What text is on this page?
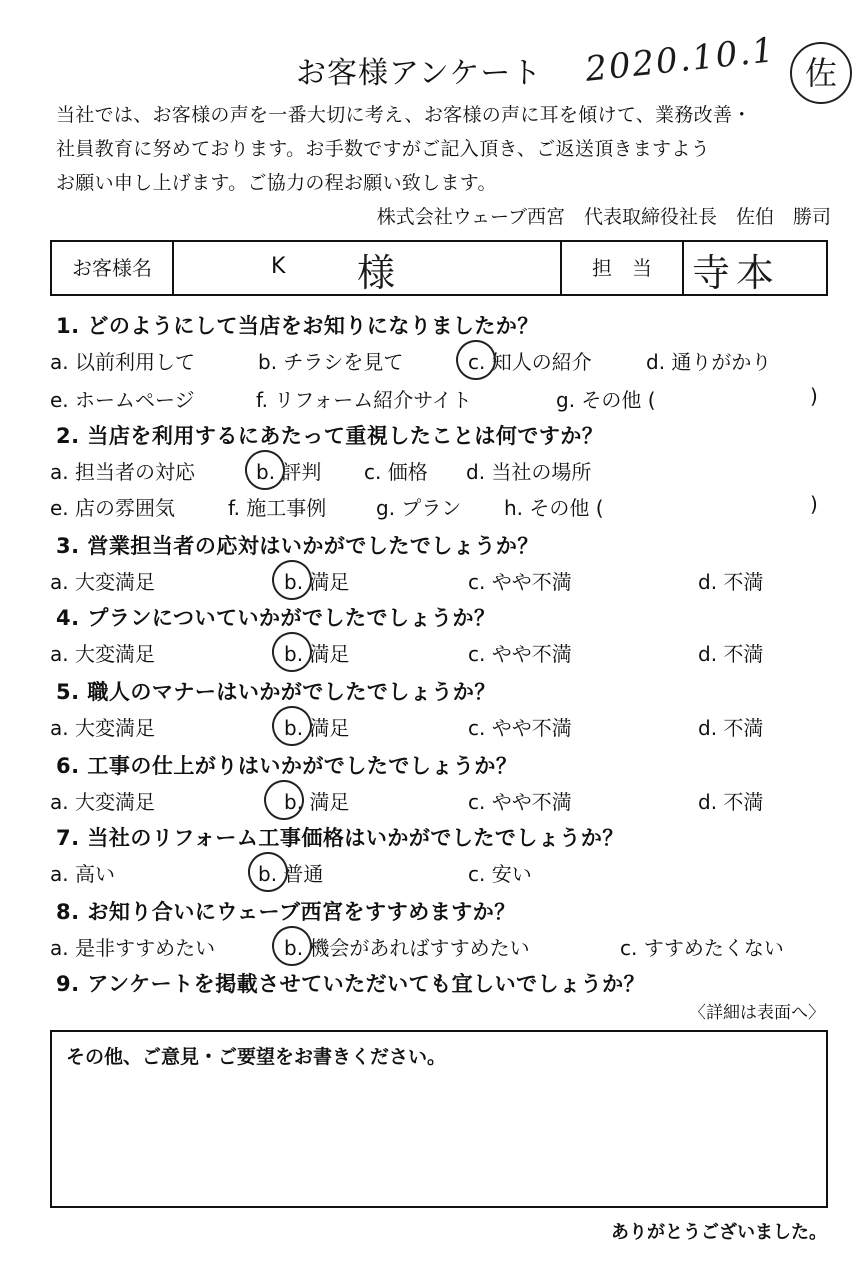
お客様アンケート 2020.10.1 佐
当社では、お客様の声を一番大切に考え、お客様の声に耳を傾けて、業務改善・
社員教育に努めております。お手数ですがご記入頂き、ご返送頂きますよう
お願い申し上げます。ご協力の程お願い致します。
株式会社ウェーブ西宮　代表取締役社長　佐伯　勝司
お客様名	K 様	担　当	寺本
1. どのようにして当店をお知りになりましたか？
a. 以前利用して	b. チラシを見て	c. 知人の紹介	d. 通りがかり
e. ホームページ	f. リフォーム紹介サイト	g. その他 (	)
2. 当店を利用するにあたって重視したことは何ですか？
a. 担当者の対応	b. 評判 c. 価格 d. 当社の場所
e. 店の雰囲気	f. 施工事例 g. プラン h. その他 (	)
3. 営業担当者の応対はいかがでしたでしょうか？
a. 大変満足	b. 満足	c. やや不満	d. 不満
4. プランについていかがでしたでしょうか？
a. 大変満足	b. 満足	c. やや不満	d. 不満
5. 職人のマナーはいかがでしたでしょうか？
a. 大変満足	b. 満足	c. やや不満	d. 不満
6. 工事の仕上がりはいかがでしたでしょうか？
a. 大変満足	b. 満足	c. やや不満	d. 不満
7. 当社のリフォーム工事価格はいかがでしたでしょうか？
a. 高い	b. 普通	c. 安い
8. お知り合いにウェーブ西宮をすすめますか？
a. 是非すすめたい	b. 機会があればすすめたい	c. すすめたくない
9. アンケートを掲載させていただいても宜しいでしょうか？
〈詳細は表面へ〉
その他、ご意見・ご要望をお書きください。
ありがとうございました。
